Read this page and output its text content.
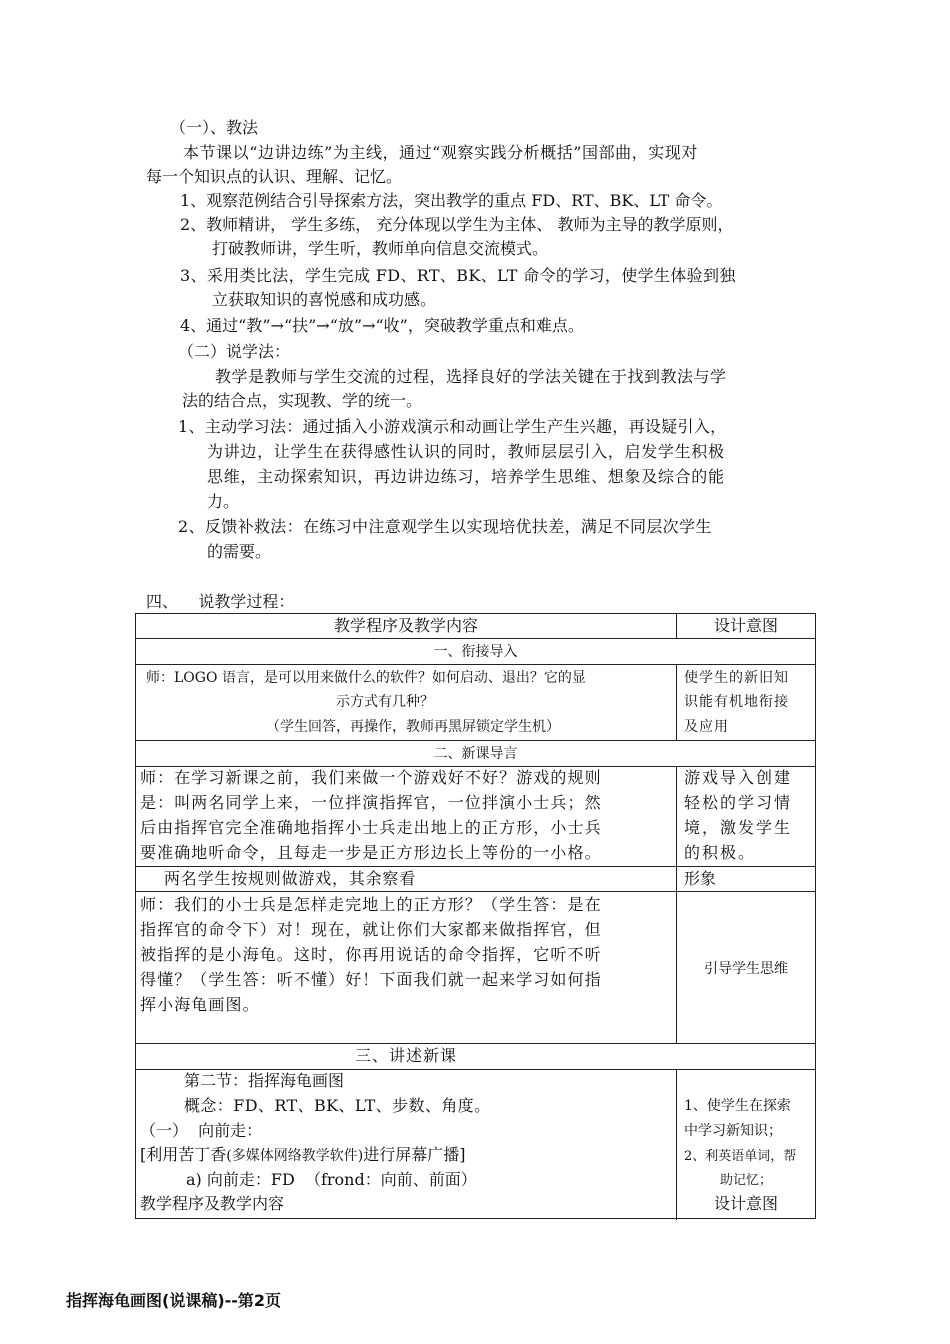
（一）、教法
本节课以“边讲边练”为主线，通过“观察实践分析概括”国部曲，实现对
每一个知识点的认识、理解、记忆。
1、观察范例结合引导探索方法，突出教学的重点 FD、RT、BK、LT 命令。
2、教师精讲， 学生多练， 充分体现以学生为主体、 教师为主导的教学原则，
打破教师讲，学生听，教师单向信息交流模式。
3、采用类比法，学生完成 FD、RT、BK、LT 命令的学习，使学生体验到独
立获取知识的喜悦感和成功感。
4、通过“教”→“扶”→“放”→“收”，突破教学重点和难点。
（二）说学法：
教学是教师与学生交流的过程，选择良好的学法关键在于找到教法与学
法的结合点，实现教、学的统一。
1、主动学习法：通过插入小游戏演示和动画让学生产生兴趣，再设疑引入，
为讲边，让学生在获得感性认识的同时，教师层层引入，启发学生积极
思维，主动探索知识，再边讲边练习，培养学生思维、想象及综合的能
力。
2、反馈补救法：在练习中注意观学生以实现培优扶差，满足不同层次学生
的需要。
四、    说教学过程：
教学程序及教学内容	设计意图
一、衔接导入
师：LOGO 语言，是可以用来做什么的软件？如何启动、退出？它的显
示方式有几种？
（学生回答，再操作，教师再黑屏锁定学生机）
使学生的新旧知
识能有机地衔接
及应用
二、新课导言
师：在学习新课之前，我们来做一个游戏好不好？游戏的规则
是：叫两名同学上来，一位拌演指挥官，一位拌演小士兵；然
后由指挥官完全准确地指挥小士兵走出地上的正方形，小士兵
要准确地听命令，且每走一步是正方形边长上等份的一小格。
游戏导入创建
轻松的学习情
境，激发学生
的积极。
两名学生按规则做游戏，其余察看	形象
师：我们的小士兵是怎样走完地上的正方形？（学生答：是在
指挥官的命令下）对！现在，就让你们大家都来做指挥官，但
被指挥的是小海龟。这时，你再用说话的命令指挥，它听不听
得懂？（学生答：听不懂）好！下面我们就一起来学习如何指
挥小海龟画图。
引导学生思维
三、讲述新课
第二节：指挥海龟画图
概念：FD、RT、BK、LT、步数、角度。
（一）  向前走：
[利用苦丁香(多媒体网络教学软件)进行屏幕广播]
a) 向前走：FD  （frond：向前、前面）
教学程序及教学内容
1、使学生在探索
中学习新知识；
2、利英语单词，帮
助记忆；
设计意图
指挥海龟画图(说课稿)--第2页
